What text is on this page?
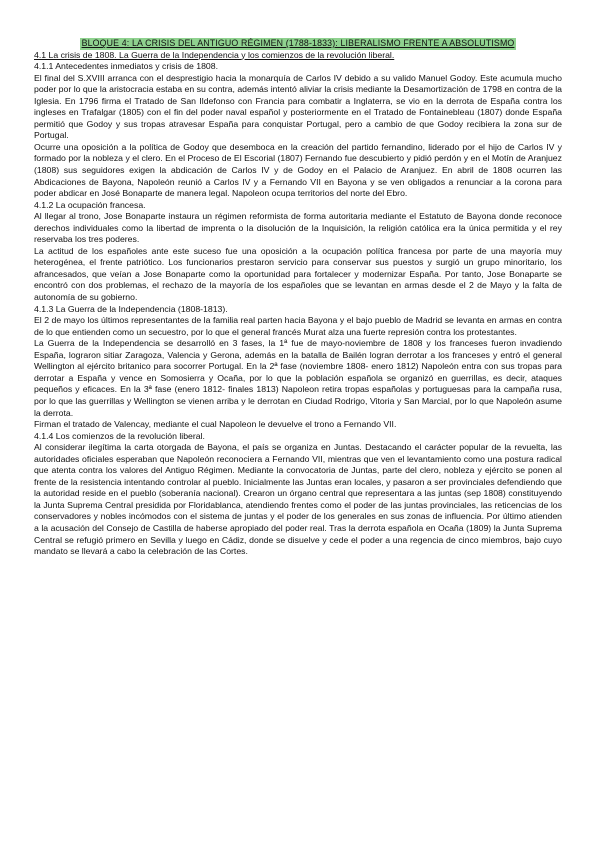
BLOQUE 4: LA CRISIS DEL ANTIGUO RÉGIMEN (1788-1833): LIBERALISMO FRENTE A ABSOLUTISMO
4.1 La crisis de 1808. La Guerra de la Independencia y los comienzos de la revolución liberal.
4.1.1 Antecedentes inmediatos y crisis de 1808.

El final del S.XVIII arranca con el desprestigio hacia la monarquía de Carlos IV debido a su valido Manuel Godoy. Este acumula mucho poder por lo que la aristocracia estaba en su contra, además intentó aliviar la crisis mediante la Desamortización de 1798 en contra de la Iglesia. En 1796 firma el Tratado de San Ildefonso con Francia para combatir a Inglaterra, se vio en la derrota de España contra los ingleses en Trafalgar (1805) con el fin del poder naval español y posteriormente en el Tratado de Fontainebleau (1807) donde España permitió que Godoy y sus tropas atravesar España para conquistar Portugal, pero a cambio de que Godoy recibiera la zona sur de Portugal.

Ocurre una oposición a la política de Godoy que desemboca en la creación del partido fernandino, liderado por el hijo de Carlos IV y formado por la nobleza y el clero. En el Proceso de El Escorial (1807) Fernando fue descubierto y pidió perdón y en el Motín de Aranjuez (1808) sus seguidores exigen la abdicación de Carlos IV y de Godoy en el Palacio de Aranjuez. En abril de 1808 ocurren las Abdicaciones de Bayona, Napoleón reunió a Carlos IV y a Fernando VII en Bayona y se ven obligados a renunciar a la corona para poder abdicar en José Bonaparte de manera legal. Napoleon ocupa territorios del norte del Ebro.

4.1.2 La ocupación francesa.

Al llegar al trono, Jose Bonaparte instaura un régimen reformista de forma autoritaria mediante el Estatuto de Bayona donde reconoce derechos individuales como la libertad de imprenta o la disolución de la Inquisición, la religión católica era la única permitida y el rey reservaba los tres poderes.

La actitud de los españoles ante este suceso fue una oposición a la ocupación política francesa por parte de una mayoría muy heterogénea, el frente patriótico. Los funcionarios prestaron servicio para conservar sus puestos y surgió un grupo minoritario, los afrancesados, que veían a Jose Bonaparte como la oportunidad para fortalecer y modernizar España. Por tanto, Jose Bonaparte se encontró con dos problemas, el rechazo de la mayoría de los españoles que se levantan en armas desde el 2 de Mayo y la falta de autonomía de su gobierno.

4.1.3 La Guerra de la Independencia (1808-1813).

El 2 de mayo los últimos representantes de la familia real parten hacia Bayona y el bajo pueblo de Madrid se levanta en armas en contra de lo que entienden como un secuestro, por lo que el general francés Murat alza una fuerte represión contra los protestantes.

La Guerra de la Independencia se desarrolló en 3 fases, la 1ª fue de mayo-noviembre de 1808 y los franceses fueron invadiendo España, lograron sitiar Zaragoza, Valencia y Gerona, además en la batalla de Bailén logran derrotar a los franceses y entró el general Wellington al ejército britanico para socorrer Portugal. En la 2ª fase (noviembre 1808- enero 1812) Napoleón entra con sus tropas para derrotar a España y vence en Somosierra y Ocaña, por lo que la población española se organizó en guerrillas, es decir, ataques pequeños y eficaces. En la 3ª fase (enero 1812- finales 1813) Napoleon retira tropas españolas y portuguesas para la campaña rusa, por lo que las guerrillas y Wellington se vienen arriba y le derrotan en Ciudad Rodrigo, Vitoria y San Marcial, por lo que Napoleón asume la derrota.

Firman el tratado de Valencay, mediante el cual Napoleon le devuelve el trono a Fernando VII.

4.1.4 Los comienzos de la revolución liberal.

Al considerar ilegítima la carta otorgada de Bayona, el país se organiza en Juntas. Destacando el carácter popular de la revuelta, las autoridades oficiales esperaban que Napoleón reconociera a Fernando VII, mientras que ven el levantamiento como una postura radical que atenta contra los valores del Antiguo Régimen. Mediante la convocatoria de Juntas, parte del clero, nobleza y ejército se ponen al frente de la resistencia intentando controlar al pueblo. Inicialmente las Juntas eran locales, y pasaron a ser provinciales defendiendo que la autoridad reside en el pueblo (soberanía nacional). Crearon un órgano central que representara a las juntas (sep 1808) constituyendo la Junta Suprema Central presidida por Floridablanca, atendiendo frentes como el poder de las juntas provinciales, las reticencias de los conservadores y nobles incómodos con el sistema de juntas y el poder de los generales en sus zonas de influencia. Por último atienden a la acusación del Consejo de Castilla de haberse apropiado del poder real. Tras la derrota española en Ocaña (1809) la Junta Suprema Central se refugió primero en Sevilla y luego en Cádiz, donde se disuelve y cede el poder a una regencia de cinco miembros, bajo cuyo mandato se llevará a cabo la celebración de las Cortes.
